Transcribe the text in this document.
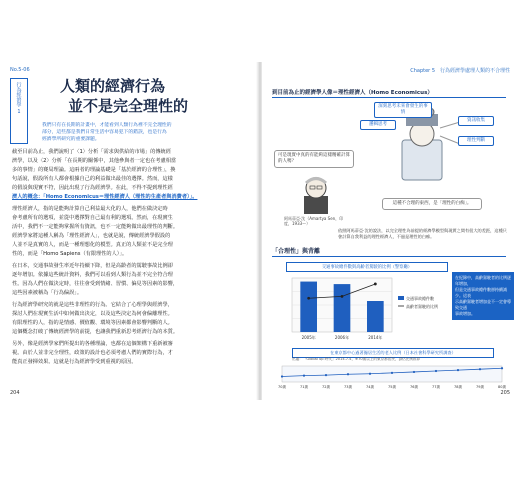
No.5-06
行為經濟學
1
人類的經濟行為
並不是完全理性的
我們只有在長期的計畫中，才能看到人類行為裡不完全理性的
部分，這些都是我們日常生活中容易犯下的錯誤，也是行為
經濟學所研究的重要課題。
截至目前為止，我們說明了〈1〉分析「需求與供給的市場」的傳統經
濟學，以及〈2〉分析「在長期的關係中，其他參與者一定也在考慮相當
多的事情」的賽局理論。這兩者的理論基礎是「基於經濟的合理性」，換
句話說，假設所有人都會根據自己的利益做出最佳的選擇。然而，這樣
的假設與現實不符，因此出現了行為經濟學。在此，不得不提到理性經
濟人的概念：「Homo Economicus＝理性經濟人（理性的生產者與消費者）」。
理性經濟人，指的是能夠計算自己利益最大化的人，他們在做決定時
會考慮所有的選項，並從中選擇對自己最有利的選項。然而，在現實生
活中，我們不一定能夠掌握所有資訊，也不一定能夠做出最理性的判斷。
經濟學家將這種人稱為「理性經濟人」，也就是說，傳統經濟學假設的
人並不是真實的人，而是一種理想化的模型。真正的人類並不是完全理
性的，而是「Homo Sapiens（有限理性的人）」。
在日本，交通事故發生率近年持續下降，但是高齡者的駕駛事故比例卻
逐年增加。依據這些統計資料，我們可以看到人類行為並不完全符合理
性。因為人們在做決定時，往往會受到情緒、習慣、偏見等因素的影響，
這些因素被稱為「行為偏誤」。
行為經濟學研究的就是這些非理性的行為。它結合了心理學與經濟學，
探討人們在現實生活中如何做出決定，以及這些決定為何會偏離理性。
有限理性的人，指的是情感、價值觀、環境等因素都會影響判斷的人。
這個概念打破了傳統經濟學的前提，也讓我們重新思考經濟行為的本質。
另外，像是經濟學家們所提出的各種理論，也都在這個架構下重新被審
視。由於人並非完全理性，政策的設計也必須考慮人們的實際行為，才
能真正發揮效果。這就是行為經濟學受到重視的原因。
204
Chapter 5　行為經濟學處理人類的不合理性
到目前為止的經濟學人像＝理性經濟人（Homo Economicus）
深刻思考未來會發生的事情
資訊收集
理性判斷
邏輯思考
可是現實中真的有能夠這樣精確計算的人嗎？
阿馬蒂亞·沈（Amartya Sen，印度，1933～）
這種不合理的東西，是「理性的白痴」。
依照阿馬蒂亞·沈的說法，以完全理性為前提的經濟學模型與現實之間有很大的差距，這種只會計算自我利益的理性經濟人，不過是理性的白痴。
「合理性」與背離
交通事故總件數與高齡者駕駛的比例（警察廳）
2005年	2006年	2014年
交通事故總件數
高齡者駕駛的比例
在紀錄中，高齡駕駛者的比例逐年增加，
但是交通事故總件數卻持續減少。這表
示高齡駕駛者增加並不一定會導致交通
事故增加。
在東京都中心過著獨居生活的老人比例（日本社會科學研究所調查）
出處：「Global up 時代」2014.7.4，※70歲以上的東京都居民，請估比例推算
70歲	71歲	72歲	73歲	74歲	75歲	76歲	77歲	78歲	79歲	80歲
205
